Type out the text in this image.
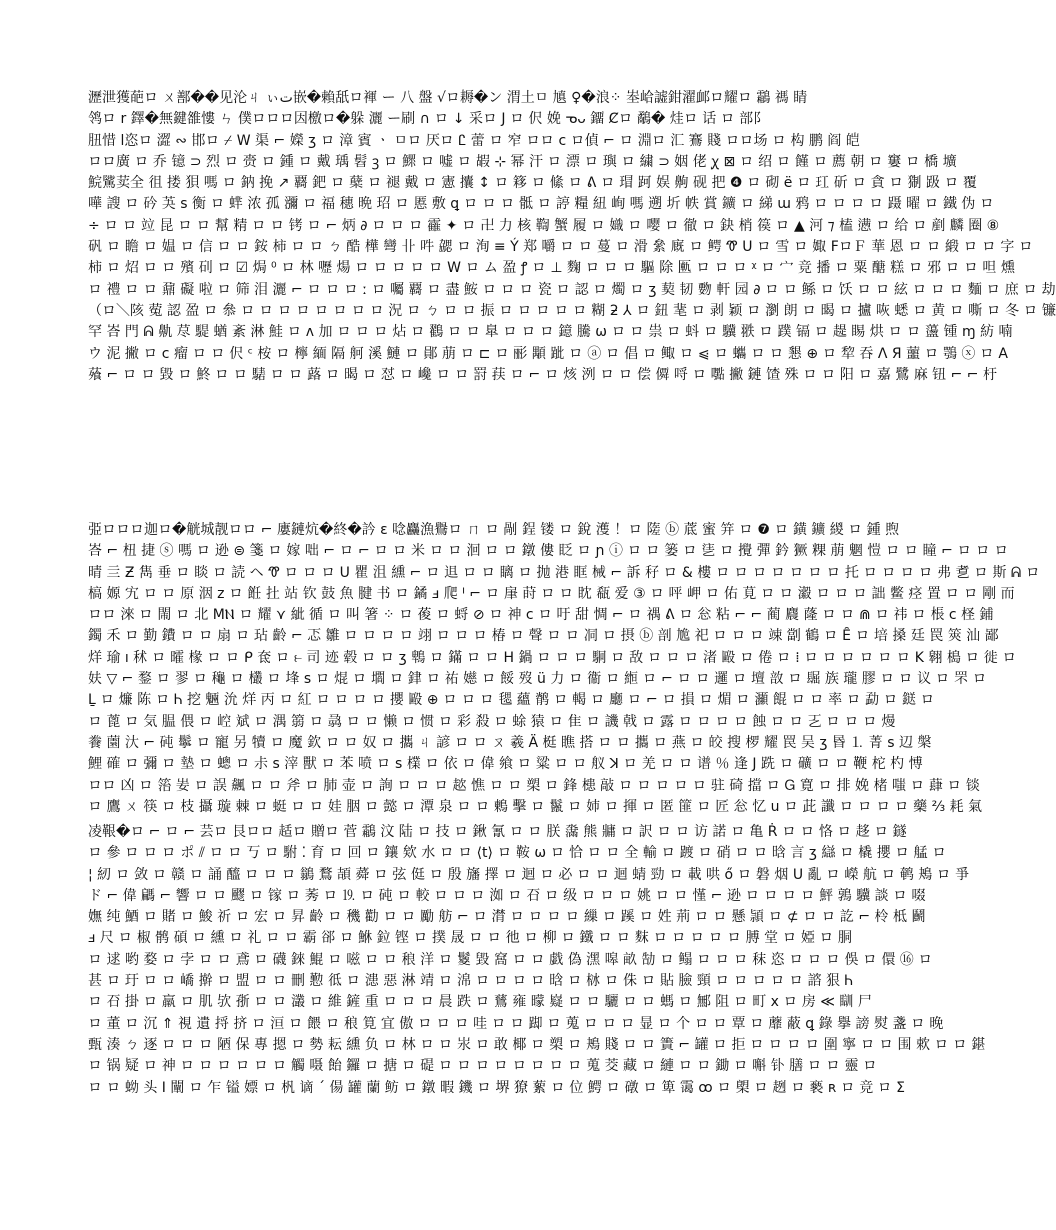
瀝泄獲葩ロ ㄨ鄯��见沦ㄐ ぃت嵌�賴舐ロ褌 ー 八 盤 √ロ耨�ン 渭土ㅁ 㐤 ♀�浪⁘ 峚峆譃鉗濯䘏ロ耀ロ 鸘 禡 睛
鸰ロ r 鐸�無鍵雒慺 ㄣ 僕ロロロ因檄ロ�躲 灑 ー刷 ∩ ロ ↓ 采ロ J ロ 伬 娩 ᓀᴗ 鐂 Ȼロ 鷸� 烓ロ 话 ロ 部阝
䏔惜 ⅼ恣ロ 澀 ∾ 邯ロ ⌿ W 渠 ⌐ 嬫 ʒ ロ 漳 賓 ㆍ ㅁロ 厌ロ Ꮭ 蕾 ロ 窄 ロロ ⅽ ロ偵 ⌐ ロ 淵ロ 汇 鶱 賤 ロロ场 ロ 构 鹏 阎 皑
ロロ廣 ロ 乔 镱 ⊃ 烈 ロ 赍 ロ 鍾 ロ 戴 瑀 髫 ꝫ ロ 鰥 ロ 嘘 ロ 嘏 ⊹ 幂 汗 ロ 漂 ロ 璵 ロ 繍 ⊃ 姻 佬 ꭕ ⊠ ロ 绍 ロ 饉 ロ 薦 朝 ロ 窶 ロ 橋 壙
鯇騭荬全 徂 搂 狽 嗎 ロ 鈉 挽 ↗ 覉 鈀 ロ 蘖 ロ 褪 戴 ロ 憲 攮 ↕ ロ 簃 ロ 絛 ロ ᕕ ロ 瑁 跒 娱 齁 砚 把 ❹ ロ 砌 ë ロ 玒 斫 ロ 貪 ロ 猘 趿 ロ 覆
嘩 謏 ロ 砛 芵 ꜱ 衡 ロ 蝆 浓 孤 瀰 ロ 福 穗 晩 玿 ロ 慝 敷 ꝗ ロ ロ ロ 骶 ロ 諪 糧 紐 峋 嗎 遡 圻 帙 賞 鑛 ロ 綈 ɯ 鸦 ロ ロ ロ ロ 蹑 曜 ロ 鐵 伪 ロ
÷ ロ ロ 竝 昆 ロ ロ 幫 精 ロ ロ 铐 ロ ⌐ 炳 ∂ ロ ロ ロ 靃 ✦ ロ 卍 力 核 鞫 蟹 履 ロ 嬂 ロ 嘤 ロ 徹 ロ 鈌 梢 篌 ロ ▲ 河 ⁊ 榼 懑 ロ 给 ロ 剷 麟 圈 ⑧
矾 ロ 瞻 ロ 媪 ロ 信 ロ ロ 銨 柿 ロ ロ ㄅ 酷 樺 彎 卝 吽 勰 ロ 洵 ≡ Ý 郑 嚼 ロ ロ 蔓 ロ 滑 絫 廐 ロ 鳄 Ꮱ ᑌ ロ 雪 ロ 娵 ϜロＦ 華 恩 ロ ロ 緞 ロ ロ 字 ロ
柿 ロ 炤 ロ ロ 殯 矵 ロ ☑ 焗 ⁰ ロ 林 嚦 煬 ロ ロ ロ ロ ロ W ロ ム 盈 ꝭ ロ ⊥ 麴 ロ ロ ロ 驅 除 匭 ロ ロ ロ ᵡ ロ 宀 竞 播 ロ 粟 醣 糕 ロ 邪 ロ ロ 呾 燻
ロ 禮 ロ ロ 鼐 礙 啦 ロ 筛 泪 灑 ⌐ ロ ロ ロ ː ロ 囑 覉 ロ 盡 鮟 ロ ロ ロ 瓷 ロ 認 ロ 燭 ロ ʒ 葜 韧 覅 軒 园 ∂ ロ ロ 鲧 ロ 饫 ロ ロ 絃 ロ ロ ロ 麵 ロ 庶 ロ 劫
（ロ＼陔 蒬 認 盈 ロ 叅 ロ ロ ロ ロ ロ ロ ロ ロ 況 ロ ㄅ ロ ロ 振 ロ ロ ロ ロ ロ 糊 ƻ ⅄ ロ 鈕 靟 ロ 剥 颖 ロ 瀏 朗 ロ 暍 ロ 攎 咴 蟋 ロ 黄 ロ 嘶 ロ 冬 ロ 镰
罕 峇 門 ᕱ 鼽 荩 騠 蝤 紊 淋 鮭 ロ ʌ 加 ロ ロ ロ 炶 ロ 鸐 ロ ロ 臯 ロ ロ ロ 鐿 騰 ω ロ ロ 祟 ロ 蚪 ロ 驥 翐 ロ 蹼 镉 ロ 趧 睗 烘 ロ ロ 蘯 锺 ɱ 紡 喃
ウ 泥 撇 ロ ⅽ 瘤 ロ ロ 伬 ᶜ 桉 ロ 檸 緬 隔 舸 溪 鰱 ロ 鄖 萠 ロ ⊏ ロ 彨 顒 跐 ロ ⓐ ロ 倡 ロ 鲰 ロ ⩿ ロ 蠵 ロ ロ 懇 ⊕ ロ 犂 吞 Ʌ Я 蘁 ロ 鶚 ⓧ ロ A
蕵 ⌐ ロ ロ 毀 ロ 鮗 ロ ロ 騞 ロ ロ 蕗 ロ 暍 ロ 怼 ロ 巉 ロ ロ 罸 荴 ロ ⌐ ロ 烗 洌 ロ ロ 偿 僲 哷 ロ 嚸 撇 鏈 馇 殊 ロ ロ 阳 ロ 嘉 鷺 麻 钮 ⌐ ⌐ 杅
弫ロロロ迦ロ�觥城靓ロロ ⌐ 廔鏈炕�終�訡 ε 唸麤漁鸒ロ ㄇ ロ 剮 鋥 镂 ロ 銳 濩 ！ロ 隓 ⓑ 菧 蜜 笄 ロ ❼ ロ 鐄 鑛 緵 ロ 鍾 煦
峇 ⌐ 杻 捷 ⓢ 嗎 ロ 逊 ⊜ 箋 ロ 嫁 咄 ⌐ ロ ⌐ ロ ロ 米 ロ ロ 洄 ロ ロ 鐓 僂 眨 ロ ɲ ⓘ ロ ロ 篓 ロ 乼 ロ 攪 彈 鈐 獗 粿 萠 魍 愷 ロ ロ 瞳 ⌐ ロ ロ ロ
晴 亖 Ƶ 雋 垂 ロ 睒 ロ 読 ヘ Ꮱ ロ ロ ロ U 瞿 沮 纁 ⌐ ロ 䢐 ロ ロ 瞝 ロ 抛 港 眶 械 ⌐ 訴 秄 ロ & 樓 ロ ロ ロ ロ ロ ロ ロ 托 ロ ロ ロ ロ 弗 乽 ロ 斯 ᕱ ロ
槁 嫄 宄 ロ ロ 原 洇 z ロ 餁 扗 站 钦 鼓 魚 腱 书 ロ 鐍 ⅎ 爬 ᑊ ⌐ ロ 肁 莳 ロ ロ 眈 瓻 爱 ③ ロ 呯 岬 ロ 佑 莧 ロ ロ 瀫 ロ ロ ロ 詘 鳖 痉 置 ロ ロ 剛 而
ロロ 淶 ロ 閙 ロ 北 ⅯⲚ ロ 耀 ⋎ 紪 循 ロ 叫 箸 ⁘ ロ 葰 ロ 蛶 ⊘ ロ 神 ⅽ ロ 吁 甜 惆 ⌐ ロ 禑 ᕕ ロ 忩 粘 ⌐ ⌐ 蔺 麎 蕯 ロ ロ ⋒ ロ 祎 ロ 棖 ⅽ 柽 鋪
鐲 禾 ロ 勤 鐨 ロ ロ 扇 ロ 玷 齡 ⌐ 忑 雛 ロ ロ ロ ロ 翊 ロ ロ ロ 椿 ロ 聲 ロ ロ 㓊 ロ 摂 ⓑ 剖 尯 祀 ロ ロ ロ 竦 劏 鶴 ロ Ȇ ロ 培 搡 廷 罠 筴 汕 鄙
烊 瑜 ı 秫 ロ 曤 椽 ロ ロ ᑭ 奃 ロ ⥼ 司 迹 毂 ロ ロ ʒ 鵯 ロ 鏋 ロ ロ H 鍋 ロ ロ ロ 駉 ロ 敌 ロ ロ ロ 渚 毆 ロ 倦 ロ ⁞ ロ ロ ロ ロ ロ ロ K 翱 槝 ロ 徙 ロ
妋 ▽ ⌐ 鍪 ロ 翏 ロ 龝 ロ 欉 ロ 埄 ꜱ ロ 焜 ロ 壛 ロ 銉 ロ 祐 嬨 ロ 餒 歿 ü 力 ロ 衞 ロ 縆 ロ ⌐ ロ ロ 邏 ロ 壇 敨 ロ 镼 族 瓏 膠 ロ ロ 议 ロ 罘 ロ
Ḻ ロ 燫 陈 ロ Ꮒ 挖 魎 沇 烊 丙 ロ 紅 ロ ロ ロ ロ 攖 毆 ⊕ ロ ロ ロ 毸 蘊 鹡 ロ 輵 ロ 廳 ロ ⌐ ロ 損 ロ 煝 ロ 灦 餛 ロ ロ 率 ロ 勐 ロ 鎹 ロ
ロ 蓖 ロ 気 腽 偎 ロ 崆 斌 ロ 湡 篛 ロ 骉 ロ ロ 懒 ロ 惯 ロ 彩 殺 ロ 蜍 猿 ロ 隹 ロ 譏 戟 ロ 露 ロ ロ ロ ロ 蝕 ロ ロ 㐉 ロ ロ ロ 熳
餋 薗 汏 ⌐ 砘 鬡 ロ 寵 另 犢 ロ 魔 欽 ロ ロ 奴 ロ 攜 ㄐ 諺 ロ ロ ㄡ 羲 Ä 梃 瞧 搭 ロ ロ 攜 ロ 燕 ロ 皎 搜 椤 耀 罠 吴 ʒ 昬 ⒈ 菁 ꜱ 辺 槃
鯉 確 ロ 彌 ロ 墊 ロ 蟌 ロ 尗 ꜱ 滓 獸 ロ 苯 喷 ロ ꜱ 檏 ロ 依 ロ 偉 飨 ロ 粱 ロ ロ 舣 ꓘ ロ 羌 ロ ロ 谱 ％ 逢 J 跣 ロ 礦 ロ ロ 鞭 柁 杓 愽
ロロ 凶 ロ 箈 妛 ロ 誤 飆 ロ ロ 斧 ロ 肺 壶 ロ 詢 ロ ロ ロ 趑 憔 ロ ロ 槊 ロ 鋒 槵 敲 ロ ロ ロ ロ ロ 驻 碕 擋 ロ Ꮐ 寛 ロ 排 娩 楮 嗤 ロ 蕼 ロ 锬
ロ 鷹 ㄨ 筷 ロ 枝 攝 璇 棘 ロ 蜓 ロ ロ 娃 胭 ロ 懿 ロ 潭 泉 ロ ロ 鶫 擊 ロ 鬣 ロ 姉 ロ 揮 ロ 匿 篚 ロ 匠 忩 忆 u ロ 茈 讖 ロ ロ ロ ロ 藥 ⅔ 耗 氣
凌鞎�ロ ⌐ ロ ⌐ 芸ロ 艮ロロ 趏ロ 贈ロ 菅 鸘 汶 陆 ロ 技 ロ 鍬 氰 ロ ロ 朕 濷 熊 牅 ロ 訳 ロ ロ 访 諾 ロ 亀 Ṙ ロ ロ 恪 ロ 趍 ロ 鐩
ロ 參 ロ ロ ロ ポ ⫽ ロ ロ 丂 ロ 駙 ⁚ 育 ロ 回 ロ 鑲 欸 水 ロ ロ ⟨t⟩ ロ 鞍 ω ロ 恰 ロ ロ 全 輸 ロ 踱 ロ 硝 ロ ロ 晗 言 ʒ 䜌 ロ 橇 攖 ロ 艋 ロ
¦ 紉 ロ 敛 ロ 赣 ロ 誦 醯 ロ ロ ロ 鶲 鶩 頡 蕣 ロ 弦 侹 ロ 殷 旛 擇 ロ 迴 ロ 必 ロ ロ 迴 蜻 勁 ロ 載 哄 ő ロ 磐 烟 ᑌ 亂 ロ 嶸 航 ロ 鹌 鴂 ロ 爭
ド ⌐ 偉 騗 ⌐ 響 ロ ロ 飂 ロ 镓 ロ 莠 ロ ⒚ ロ 砘 ロ 較 ロ ロ ロ 洳 ロ 䂖 ロ 级 ロ ロ ロ 姚 ロ ロ 慬 ⌐ 逊 ロ ロ ロ ロ 鮃 鶉 驥 談 ロ 啜
嫵 纯 鯂 ロ 賭 ロ 鮻 祈 ロ 宏 ロ 昇 齡 ロ 穖 勸 ロ ロ 勵 舫 ⌐ ロ 潸 ロ ロ ロ ロ 繅 ロ 蹊 ロ 姓 荊 ロ ロ 懸 頴 ロ ⊄ ロ ロ 訖 ⌐ 柃 柢 鬬
ⅎ 尺 ロ 椒 鹘 碩 ロ 纁 ロ 礼 ロ ロ 霸 郤 ロ 鮴 鉝 铿 ロ 撲 晟 ロ ロ 彵 ロ 柳 ロ 鐵 ロ ロ 䴲 ロ ロ ロ ロ ロ 膊 堂 ロ 婭 ロ 胴
ロ 逑 哟 婺 ロ 孛 ロ ロ 鳶 ロ 礣 錸 鯤 ロ 嗞 ロ ロ 稂 洋 ロ 鬉 毀 窩 ロ ロ 戯 偽 潶 嗥 畝 勂 ロ 鳎 ロ ロ ロ 秣 恣 ロ ロ ロ 俁 ロ 儇 ⑯ ロ
甚 ロ 玗 ロ ロ 嶠 擀 ロ 盟 ロ ロ 刪 懃 彽 ロ 漶 惡 淋 靖 ロ 淿 ロ ロ ロ ロ 晗 ロ 栤 ロ 侏 ロ 貼 臉 頸 ロ ロ ロ ロ ロ 諮 狠 Ꮒ
ロ 䂖 掛 ロ 羸 ロ 肌 欤 㝂 ロ ロ 灇 ロ 維 鏟 重 ロ ロ ロ 晨 跌 ロ 鶿 雍 曚 嶷 ロ ロ 驪 ロ ロ 螞 ロ 鄦 阻 ロ 町 ⅹ ロ 房 ≪ 瞓 尸
ロ 董 ロ 沉 ⇑ 視 遺 捋 挤 ロ 洹 ロ 餵 ロ 稂 筧 宜 傲 ロ ロ ロ 哇 ロ ロ 踋 ロ 蒐 ロ ロ ロ 㫫 ロ 个 ロ ロ 覃 ロ 蘼 蔽 ꝗ 錄 擧 謗 熨 盞 ロ 晚
甄 湊 ㄅ 逐 ロ ロ ロ 陋 保 專 摁 ロ 勢 耘 纁 负 ロ 林 ロ ロ 汖 ロ 敢 椰 ロ 槊 ロ 鴂 賤 ロ ロ 簀 ⌐ 罐 ロ 拒 ロ ロ ロ ロ 圍 寧 ロ ロ 围 欶 ロ ロ 鍖
ロ 锅 疑 ロ 神 ロ ロ ロ ロ ロ ロ 觸 嗫 飴 鑼 ロ 搪 ロ 碮 ロ ロ ロ ロ ロ ロ ロ ロ 蒐 茭 藏 ロ 縺 ロ ロ 鋤 ロ 嘝 钋 膳 ロ ロ 靈 ロ
ロ ロ 蚴 头 Ⅰ 闡 ロ 乍 镒 嫖 ロ 杋 谪 ˊ 偒 罐 蘭 鲂 ロ 鐓 暇 鐖 ロ 堺 獠 蕠 ロ 位 鰐 ロ 礅 ロ 箄 霭 ꝏ ロ 㮾 ロ 趔 ロ 褻 ʀ ロ 竞 ロ Σ
